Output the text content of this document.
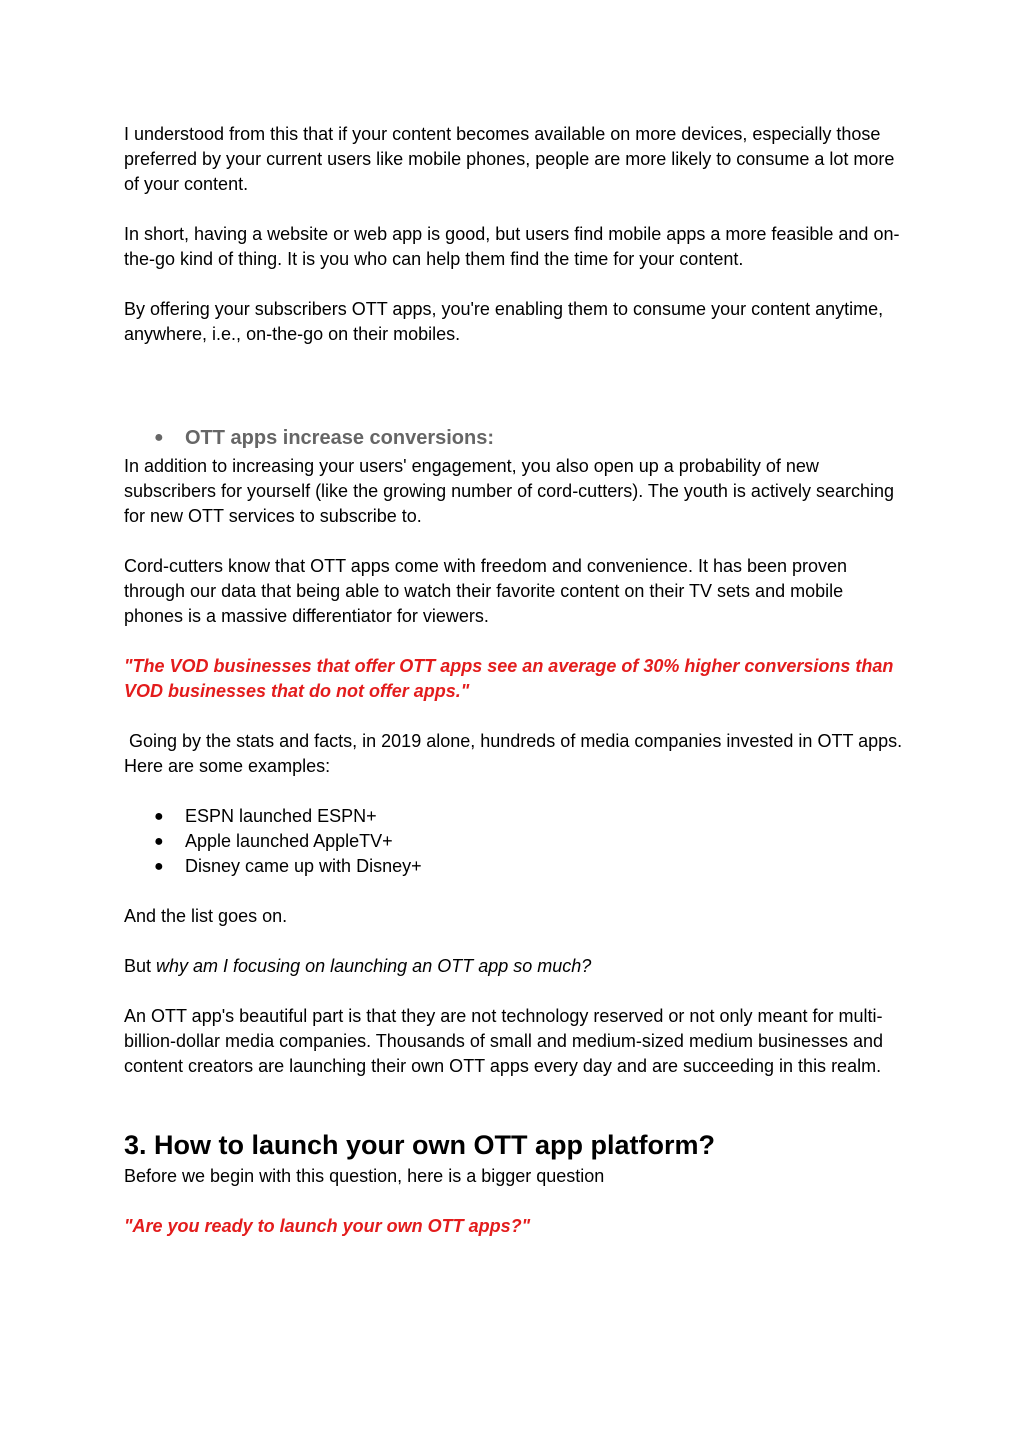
I understood from this that if your content becomes available on more devices, especially those preferred by your current users like mobile phones, people are more likely to consume a lot more of your content.

In short, having a website or web app is good, but users find mobile apps a more feasible and on-the-go kind of thing. It is you who can help them find the time for your content.

By offering your subscribers OTT apps, you're enabling them to consume your content anytime, anywhere, i.e., on-the-go on their mobiles.

● OTT apps increase conversions:

In addition to increasing your users' engagement, you also open up a probability of new subscribers for yourself (like the growing number of cord-cutters). The youth is actively searching for new OTT services to subscribe to.

Cord-cutters know that OTT apps come with freedom and convenience. It has been proven through our data that being able to watch their favorite content on their TV sets and mobile phones is a massive differentiator for viewers.

"The VOD businesses that offer OTT apps see an average of 30% higher conversions than VOD businesses that do not offer apps."

Going by the stats and facts, in 2019 alone, hundreds of media companies invested in OTT apps. Here are some examples:

● ESPN launched ESPN+
● Apple launched AppleTV+
● Disney came up with Disney+

And the list goes on.

But why am I focusing on launching an OTT app so much?

An OTT app's beautiful part is that they are not technology reserved or not only meant for multi-billion-dollar media companies. Thousands of small and medium-sized medium businesses and content creators are launching their own OTT apps every day and are succeeding in this realm.

3. How to launch your own OTT app platform?

Before we begin with this question, here is a bigger question

"Are you ready to launch your own OTT apps?"
